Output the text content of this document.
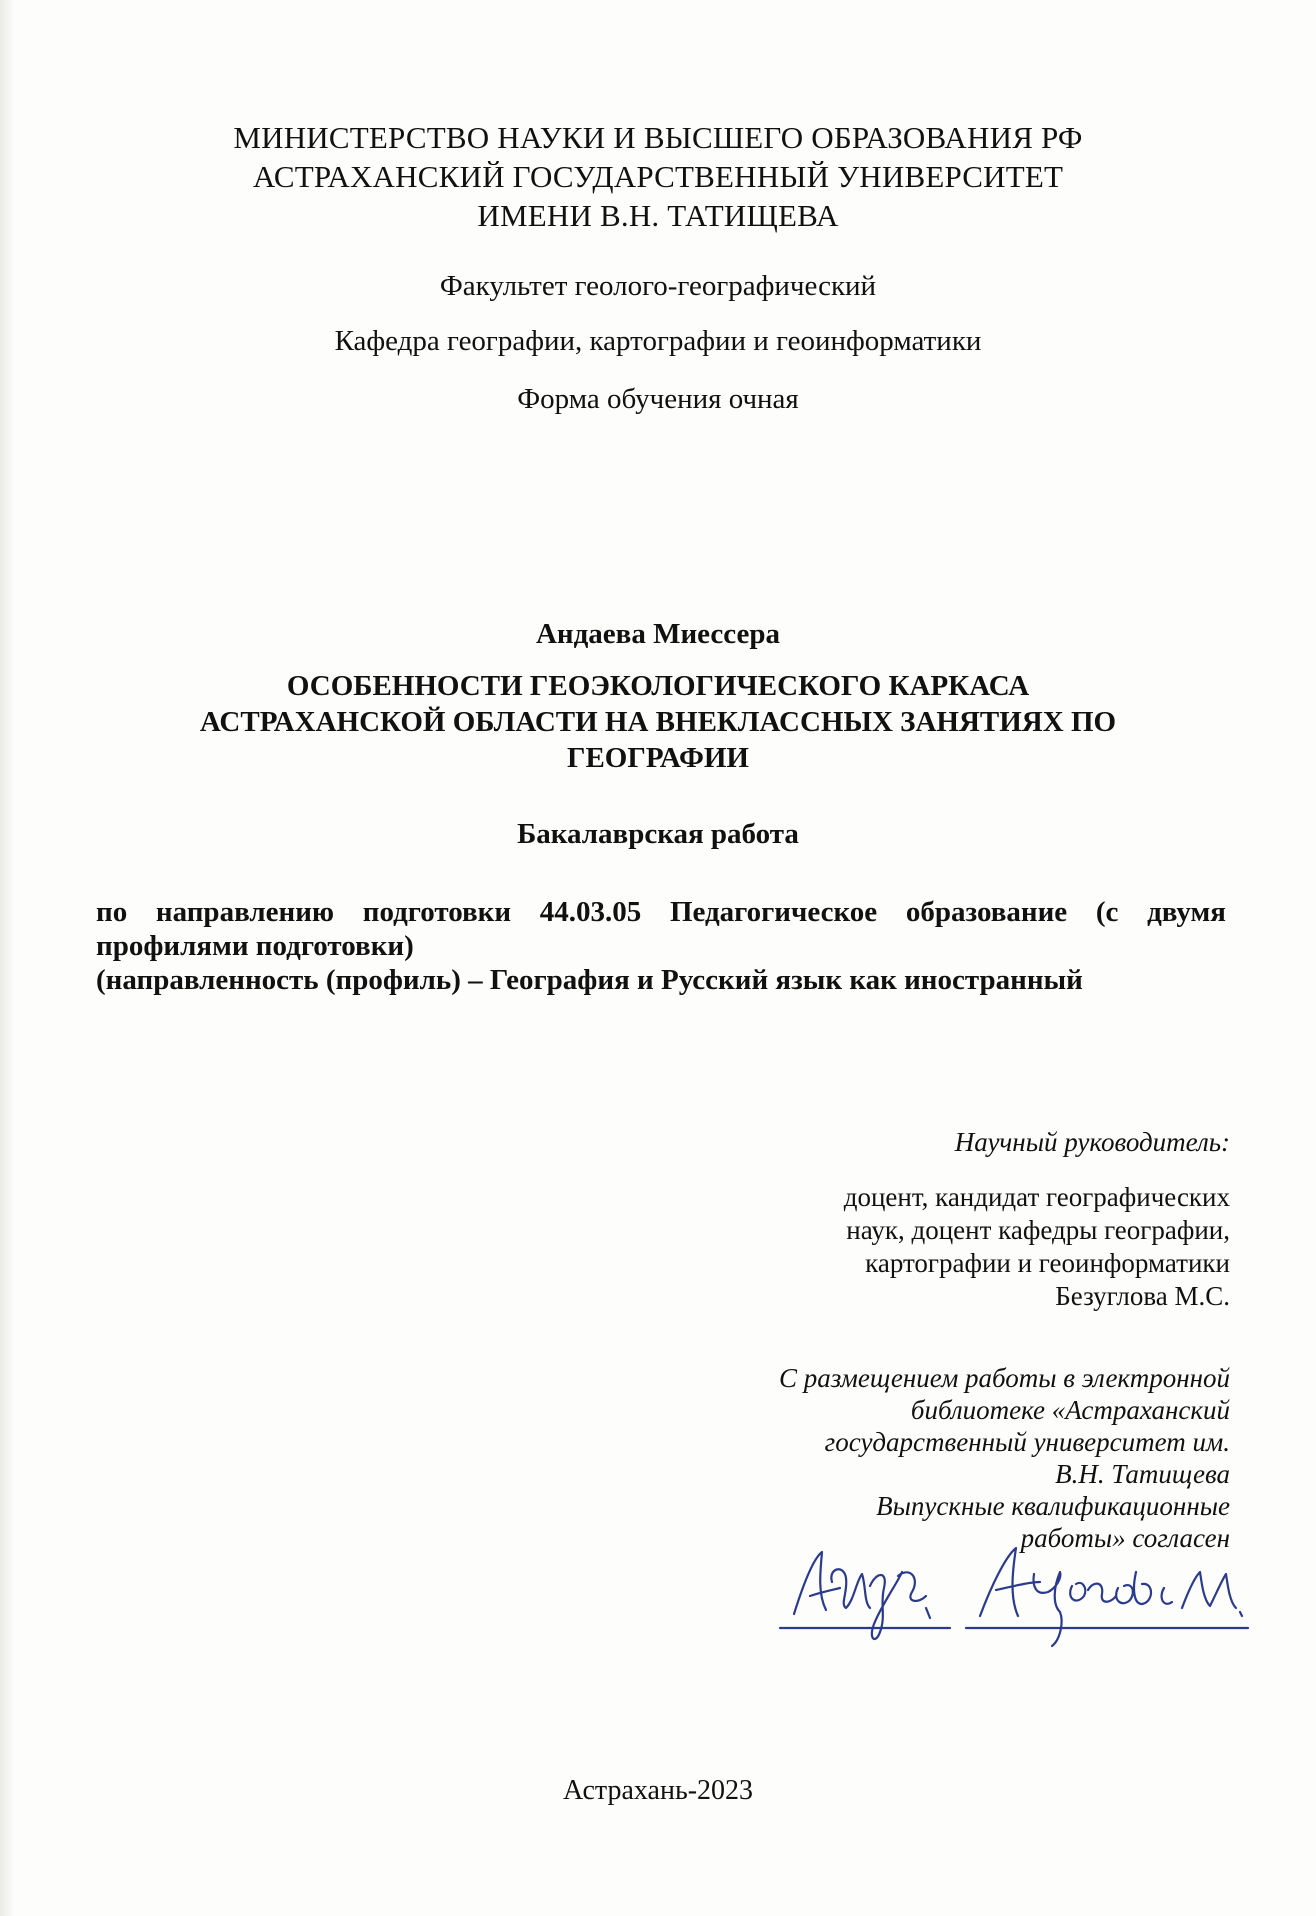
МИНИСТЕРСТВО НАУКИ И ВЫСШЕГО ОБРАЗОВАНИЯ РФ
АСТРАХАНСКИЙ ГОСУДАРСТВЕННЫЙ УНИВЕРСИТЕТ
ИМЕНИ В.Н. ТАТИЩЕВА
Факультет геолого-географический
Кафедра географии, картографии и геоинформатики
Форма обучения очная
Андаева Миессера
ОСОБЕННОСТИ ГЕОЭКОЛОГИЧЕСКОГО КАРКАСА
АСТРАХАНСКОЙ ОБЛАСТИ НА ВНЕКЛАССНЫХ ЗАНЯТИЯХ ПО
ГЕОГРАФИИ
Бакалаврская работа
по направлению подготовки 44.03.05 Педагогическое образование (с двумя
профилями подготовки)
(направленность (профиль) – География и Русский язык как иностранный
Научный руководитель:
доцент, кандидат географических
наук, доцент кафедры географии,
картографии и геоинформатики
Безуглова М.С.
С размещением работы в электронной
библиотеке «Астраханский
государственный университет им.
В.Н. Татищева
Выпускные квалификационные
работы» согласен
Астрахань-2023
